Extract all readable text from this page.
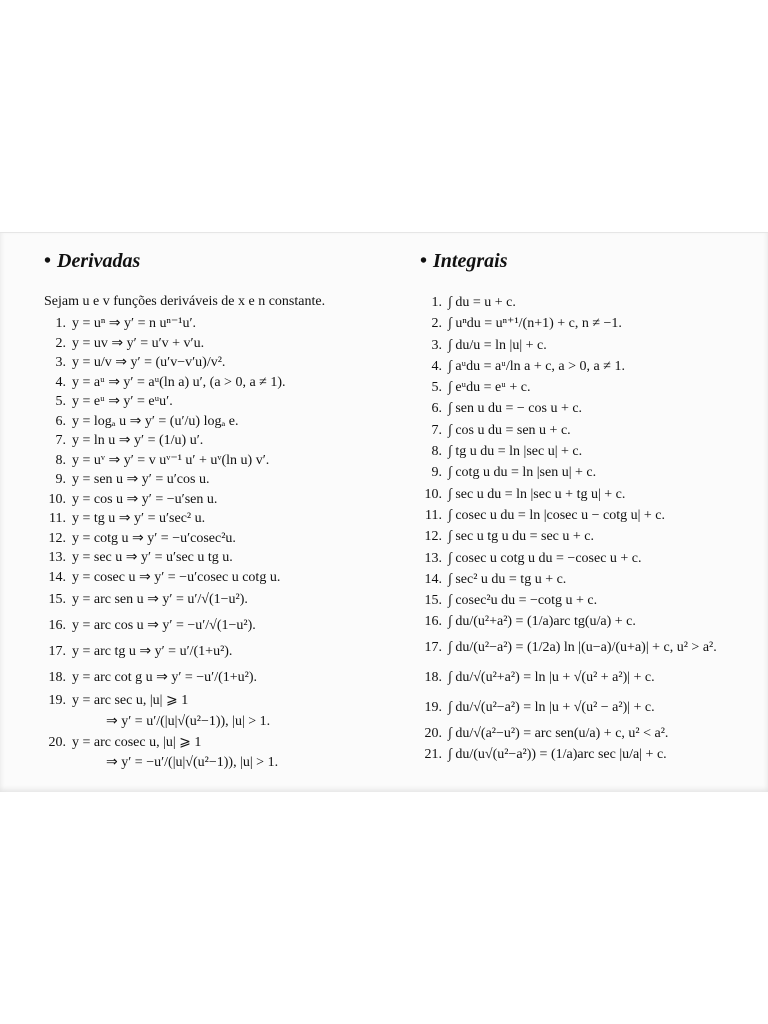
• Derivadas
Sejam u e v funções deriváveis de x e n constante.
1. y = uⁿ ⇒ y′ = n uⁿ⁻¹u′.
2. y = uv ⇒ y′ = u′v + v′u.
3. y = u/v ⇒ y′ = (u′v−v′u)/v².
4. y = aᵘ ⇒ y′ = aᵘ(ln a) u′, (a > 0, a ≠ 1).
5. y = eᵘ ⇒ y′ = eᵘu′.
6. y = logₐ u ⇒ y′ = (u′/u) logₐ e.
7. y = ln u ⇒ y′ = (1/u) u′.
8. y = uᵛ ⇒ y′ = v uᵛ⁻¹ u′ + uᵛ(ln u) v′.
9. y = sen u ⇒ y′ = u′cos u.
10. y = cos u ⇒ y′ = −u′sen u.
11. y = tg u ⇒ y′ = u′sec² u.
12. y = cotg u ⇒ y′ = −u′cosec²u.
13. y = sec u ⇒ y′ = u′sec u tg u.
14. y = cosec u ⇒ y′ = −u′cosec u cotg u.
15. y = arc sen u ⇒ y′ = u′/√(1−u²).
16. y = arc cos u ⇒ y′ = −u′/√(1−u²).
17. y = arc tg u ⇒ y′ = u′/(1+u²).
18. y = arc cot g u ⇒ y′ = −u′/(1+u²).
19. y = arc sec u, |u| ⩾ 1
⇒ y′ = u′/(|u|√(u²−1)), |u| > 1.
20. y = arc cosec u, |u| ⩾ 1
⇒ y′ = −u′/(|u|√(u²−1)), |u| > 1.
• Integrais
1. ∫ du = u + c.
2. ∫ uⁿdu = uⁿ⁺¹/(n+1) + c, n ≠ −1.
3. ∫ du/u = ln |u| + c.
4. ∫ aᵘdu = aᵘ/ln a + c, a > 0, a ≠ 1.
5. ∫ eᵘdu = eᵘ + c.
6. ∫ sen u du = − cos u + c.
7. ∫ cos u du = sen u + c.
8. ∫ tg u du = ln |sec u| + c.
9. ∫ cotg u du = ln |sen u| + c.
10. ∫ sec u du = ln |sec u + tg u| + c.
11. ∫ cosec u du = ln |cosec u − cotg u| + c.
12. ∫ sec u tg u du = sec u + c.
13. ∫ cosec u cotg u du = −cosec u + c.
14. ∫ sec² u du = tg u + c.
15. ∫ cosec²u du = −cotg u + c.
16. ∫ du/(u²+a²) = (1/a)arc tg(u/a) + c.
17. ∫ du/(u²−a²) = (1/2a) ln |(u−a)/(u+a)| + c, u² > a².
18. ∫ du/√(u²+a²) = ln |u + √(u² + a²)| + c.
19. ∫ du/√(u²−a²) = ln |u + √(u² − a²)| + c.
20. ∫ du/√(a²−u²) = arc sen(u/a) + c, u² < a².
21. ∫ du/(u√(u²−a²)) = (1/a)arc sec |u/a| + c.
